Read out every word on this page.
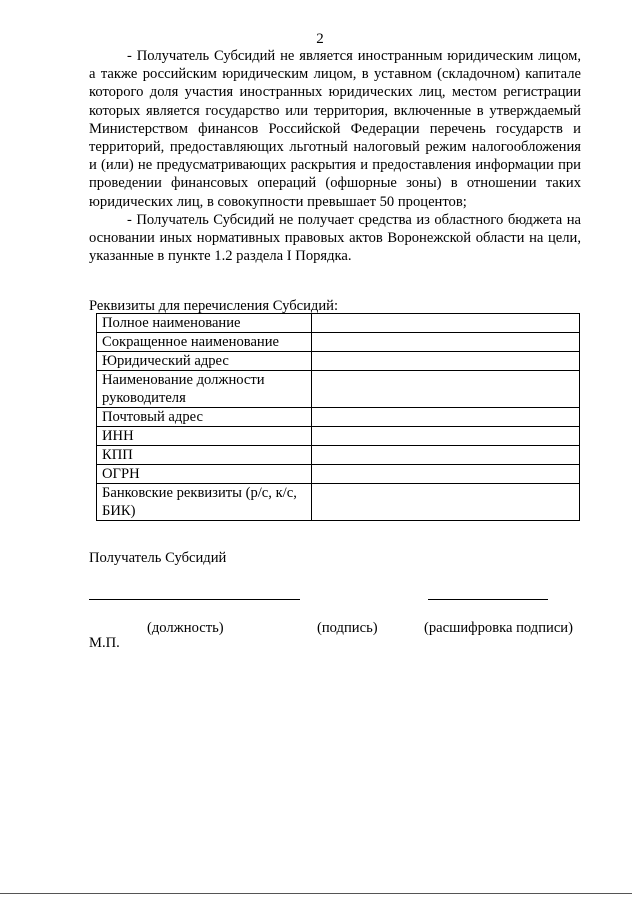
2

- Получатель Субсидий не является иностранным юридическим лицом, а также российским юридическим лицом, в уставном (складочном) капитале которого доля участия иностранных юридических лиц, местом регистрации которых является государство или территория, включенные в утверждаемый Министерством финансов Российской Федерации перечень государств и территорий, предоставляющих льготный налоговый режим налогообложения и (или) не предусматривающих раскрытия и предоставления информации при проведении финансовых операций (офшорные зоны) в отношении таких юридических лиц, в совокупности превышает 50 процентов;

- Получатель Субсидий не получает средства из областного бюджета на основании иных нормативных правовых актов Воронежской области на цели, указанные в пункте 1.2 раздела I Порядка.

Реквизиты для перечисления Субсидий:
Полное наименование	
Сокращенное наименование	
Юридический адрес	
Наименование должности руководителя	
Почтовый адрес	
ИНН	
КПП	
ОГРН	
Банковские реквизиты (р/с, к/с, БИК)	
Получатель Субсидий
(должность)	(подпись)	(расшифровка подписи)
М.П.
